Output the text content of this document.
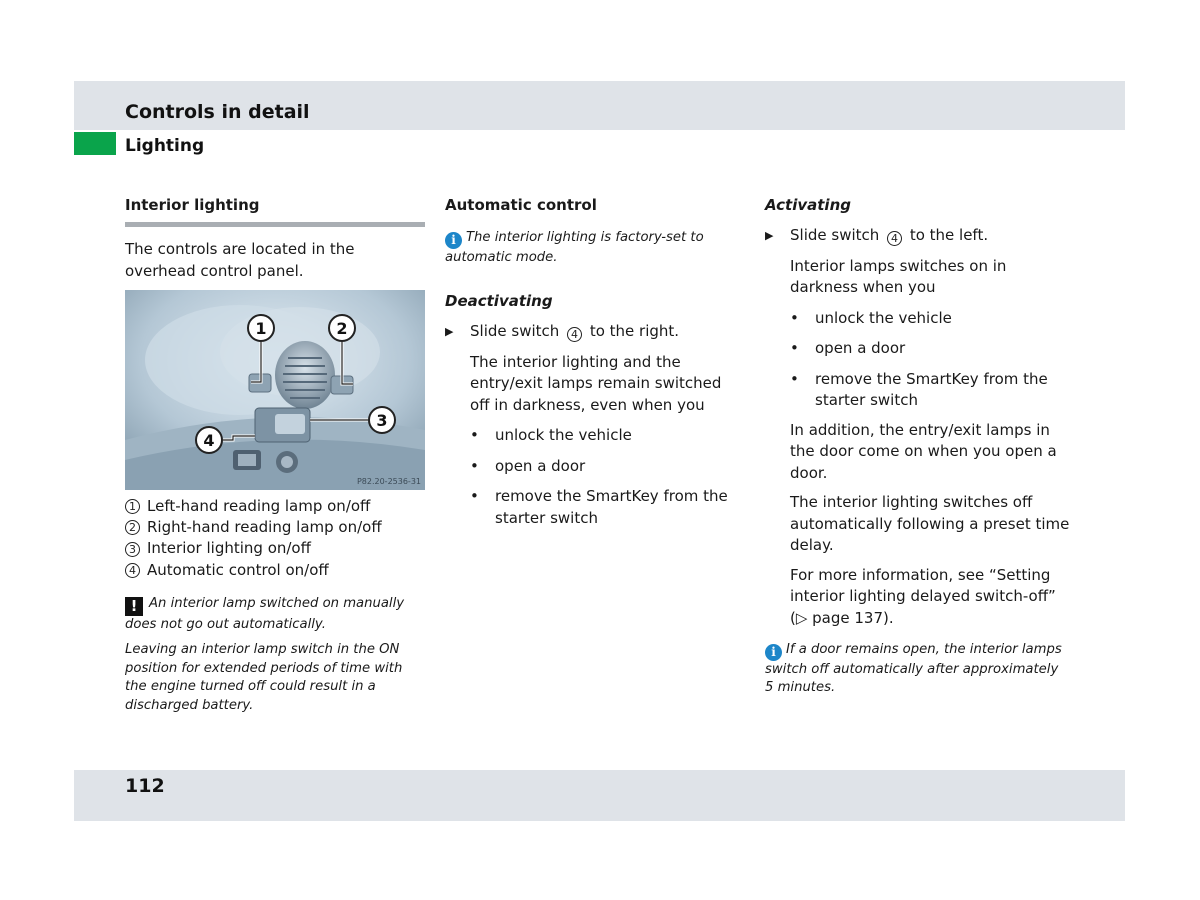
Controls in detail
Lighting
Interior lighting

The controls are located in the overhead control panel.

1	2
3
4
P82.20-2536-31
1 Left-hand reading lamp on/off
2 Right-hand reading lamp on/off
3 Interior lighting on/off
4 Automatic control on/off

! An interior lamp switched on manually does not go out automatically.

Leaving an interior lamp switch in the ON position for extended periods of time with the engine turned off could result in a discharged battery.

Automatic control

i The interior lighting is factory-set to automatic mode.

Deactivating
▶	Slide switch 4 to the right.

The interior lighting and the entry/exit lamps remain switched off in darkness, even when you

•	unlock the vehicle
•	open a door
•	remove the SmartKey from the starter switch
Activating
▶	Slide switch 4 to the left.

Interior lamps switches on in darkness when you

•	unlock the vehicle
•	open a door
•	remove the SmartKey from the starter switch

In addition, the entry/exit lamps in the door come on when you open a door.

The interior lighting switches off automatically following a preset time delay.

For more information, see “Setting interior lighting delayed switch-off” (▷ page 137).

i If a door remains open, the interior lamps switch off automatically after approximately 5 minutes.

112
